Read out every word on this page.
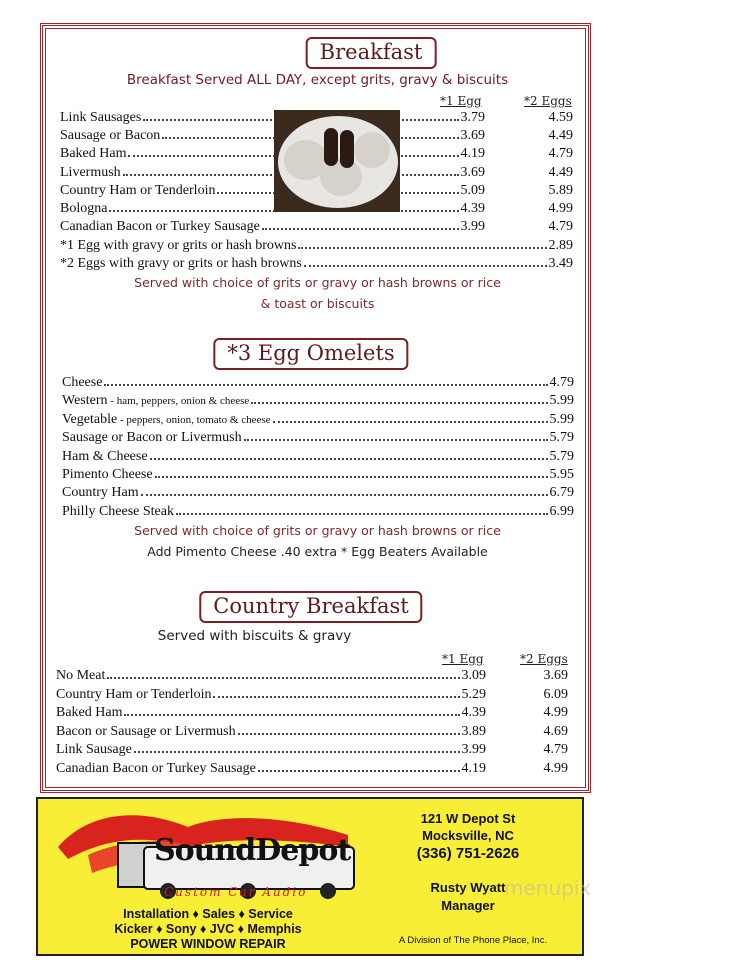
Breakfast
Breakfast Served ALL DAY, except grits, gravy & biscuits
*1 Egg	*2 Eggs
Link Sausages	3.79	4.59
Sausage or Bacon	3.69	4.49
Baked Ham	4.19	4.79
Livermush	3.69	4.49
Country Ham or Tenderloin	5.09	5.89
Bologna	4.39	4.99
Canadian Bacon or Turkey Sausage	3.99	4.79
*1 Egg with gravy or grits or hash browns	2.89
*2 Eggs with gravy or grits or hash browns	3.49
Served with choice of grits or gravy or hash browns or rice
& toast or biscuits
*3 Egg Omelets
Cheese	4.79
Western - ham, peppers, onion & cheese	5.99
Vegetable - peppers, onion, tomato & cheese	5.99
Sausage or Bacon or Livermush	5.79
Ham & Cheese	5.79
Pimento Cheese	5.95
Country Ham	6.79
Philly Cheese Steak	6.99
Served with choice of grits or gravy or hash browns or rice
Add Pimento Cheese .40 extra * Egg Beaters Available
Country Breakfast
Served with biscuits & gravy
*1 Egg	*2 Eggs
No Meat	3.09	3.69
Country Ham or Tenderloin	5.29	6.09
Baked Ham	4.39	4.99
Bacon or Sausage or Livermush	3.89	4.69
Link Sausage	3.99	4.79
Canadian Bacon or Turkey Sausage	4.19	4.99
SoundDepot
Custom Car Audio
Installation ♦ Sales ♦ Service
Kicker ♦ Sony ♦ JVC ♦ Memphis
POWER WINDOW REPAIR
121 W Depot St
Mocksville, NC
(336) 751-2626
Rusty Wyatt
Manager
A Division of The Phone Place, Inc.
menupix
